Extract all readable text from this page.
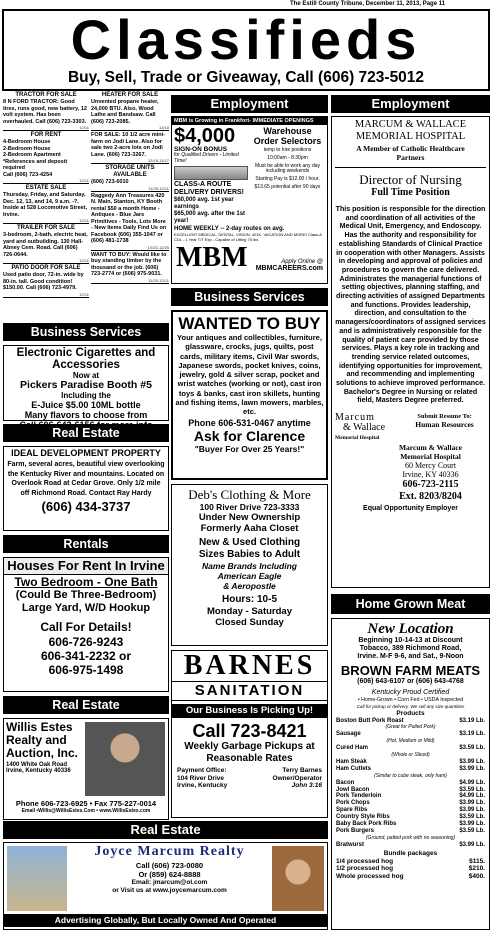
The Estill County Tribune, December 11, 2013, Page 11
Classifieds
Buy, Sell, Trade or Giveaway, Call (606) 723-5012
TRACTOR FOR SALE
8 N FORD TRACTOR: Good tires, runs good, new battery, 12 volt system. Has been overhauled. Call (606) 723-3303.
12/11
FOR RENT
4-Bedroom House
2-Bedroom House
2-Bedroom Apartment
*References and deposit required
Call (606) 723-4254
12/11
ESTATE SALE
Thursday, Friday, and Saturday, Dec. 12, 13, and 14, 9 a.m. -?. Inside at 528 Locomotive Street, Irvine.
12/11
TRAILER FOR SALE
3-bedroom, 2-bath, electric heat, yard and outbuilding. 130 Hall-Abney Cem. Road. Call (606) 726-0644.
12/11
PATIO DOOR FOR SALE
Used patio door, 72-in. wide by 80-in. tall. Good condition! $150.00. Call (606) 723-4979.
12/11
HEATER FOR SALE
Unvented propane heater, 24,000 BTU. Also, Wood Lathe and Bandsaw. Call (606) 723-2085.
12/18
FOR SALE: 10 1/2 acre mini-farm on Jodi Lane. Also for sale two 2-acre lots on Jodi Lane. (606) 723-3267.
12/18-11/27
STORAGE UNITS AVAILABLE
(606) 723-6010
11/29-12/11
Raggedy Ann Treasures 420 N. Main, Stanton, KY Booth rental $50 a month Home - Antiques - Blue Jars Primitives - Tools, Lots More - New Items Daily Find Us on Facebook (606) 355-1047 or (606) 481-1738
10/23-12/25
WANT TO BUY: Would like to buy standing timber by the thousand or the job. (606) 723-2774 or (606) 975-9031.
11/20-12/11
Employment	Employment
MBM is Growing in Frankfort- IMMEDIATE OPENINGS
$4,000
SIGN-ON BONUS
for Qualified Drivers - Limited Time!
CLASS-A ROUTE DELIVERY DRIVERS!
$60,000 avg. 1st year earnings
$65,000 avg. after the 1st year!
Warehouse Order Selectors
temp to hire positions
10:00am - 8:30pm
Must be able to work any day including weekends
Starting Pay is $12.00 / hour,
$13.65 potential after 90 days
HOME WEEKLY -- 2-day routes on avg.
EXCELLENT MEDICAL, DENTAL, VISION, 401K, VACATION AND MORE! Class-A CDL - 1 Year T/T Exp - Capable of Lifting 75 lbs
MBM	Apply Online @
MBMCAREERS.com
MARCUM & WALLACE MEMORIAL HOSPITAL
A Member of Catholic Healthcare Partners
Director of Nursing
Full Time Position
This position is responsible for the direction and coordination of all activities of the Medical Unit, Emergency, and Endoscopy. Has the authority and responsibility for establishing Standards of Clinical Practice in cooperation with other Managers. Assists in developing and approval of policies and procedures to govern the care delivered. Administrates the managerial functions of setting objectives, planning staffing, and directing activities of assigned Departments and functions. Provides leadership, direction, and consultation to the managers/coordinators of assigned services and is administratively responsible for the quality of patient care provided by those services. Plays a key role in tracking and trending service related outcomes, identifying opportunities for improvement, and recommending and implementing solutions to achieve improved performance. Bachelor's Degree in Nursing or related field, Masters Degree preferred.
Marcum
& Wallace
Memorial Hospital
Submit Resume To:
Human Resources
Marcum & Wallace
Memorial Hospital
60 Mercy Court
Irvine, KY 40336
606-723-2115
Ext. 8203/8204
Equal Opportunity Employer
Business Services
Business Services
Electronic Cigarettes and Accessories
Now at
Pickers Paradise Booth #5
Including the
E-Juice $5.00 10ML bottle
Many flavors to choose from
Real Estate
IDEAL DEVELOPMENT PROPERTY
Farm, several acres, beautiful view overlooking the Kentucky River and mountains. Located on Overlook Road at Cedar Grove. Only 1/2 mile off Richmond Road. Contact Ray Hardy
(606) 434-3737
Rentals
Houses For Rent In Irvine
Two Bedroom - One Bath
(Could Be Three-Bedroom)
Large Yard, W/D Hookup
Call For Details!
606-726-9243
606-341-2232 or
606-975-1498
Real Estate
Willis Estes Realty and Auction, Inc.
1400 White Oak Road
Irvine, Kentucky 40336
Phone 606-723-6925 • Fax 775-227-0014
Email •Willis@WillisEstes.Com • www.WillisEstes.com
WANTED TO BUY
Your antiques and collectibles, furniture, glassware, crocks, jugs, quilts, post cards, military items, Civil War swords, Japanese swords, pocket knives, coins, jewelry, gold & silver scrap, pocket and wrist watches (working or not), cast iron toys & banks, cast iron skillets, hunting and fishing items, lawn mowers, marbles, etc.
Phone 606-531-0467 anytime
Ask for Clarence
"Buyer For Over 25 Years!"
Deb's Clothing & More
100 River Drive 723-3333
Under New Ownership
Formerly Aaha Closet
New & Used Clothing
Sizes Babies to Adult
Name Brands Including
American Eagle
& Aeropostle
Hours: 10-5
Monday - Saturday
Closed Sunday
BARNES
SANITATION
Our Business Is Picking Up!
Call 723-8421
Weekly Garbage Pickups at Reasonable Rates
Payment Office:
104 River Drive
Irvine, Kentucky
Terry Barnes
Owner/Operator
John 3:16
Real Estate
Joyce Marcum Realty
Call (606) 723-0080
Or (859) 624-8888
Email: jmarcum@ol.com
or Visit us at www.joycemarcum.com
Advertising Globally, But Locally Owned And Operated
Home Grown Meat
New Location
Beginning 10-14-13 at Discount
Tobacco, 389 Richmond Road,
Irvine. M-F 9-6, and Sat., 9-Noon
BROWN FARM MEATS
(606) 643-6107 or (606) 643-4768
Kentucky Proud Certified
• Home-Grown • Corn Fed • USDA Inspected
Call for pickup or delivery. We sell any size quantities
Products
Boston Butt Pork Roast	$3.19 Lb.
(Great for Pulled Pork)
Sausage	$3.19 Lb.
(Hot, Medium or Mild)
Cured Ham	$3.59 Lb.
(Whole or Sliced)
Ham Steak	$3.99 Lb.
Ham Cutlets	$3.99 Lb.
(Similar to cube steak, only ham)
Bacon	$4.99 Lb.
Jowl Bacon	$3.59 Lb.
Pork Tenderloin	$4.99 Lb.
Pork Chops	$3.99 Lb.
Spare Ribs	$3.99 Lb.
Country Style Ribs	$3.59 Lb.
Baby Back Pork Ribs	$3.99 Lb.
Pork Burgers	$3.59 Lb.
(Ground, patted pork with no seasoning)
Bratwurst	$3.99 Lb.
Bundle packages
1/4 processed hog	$115.
1/2 processed hog	$210.
Whole processed hog	$400.
